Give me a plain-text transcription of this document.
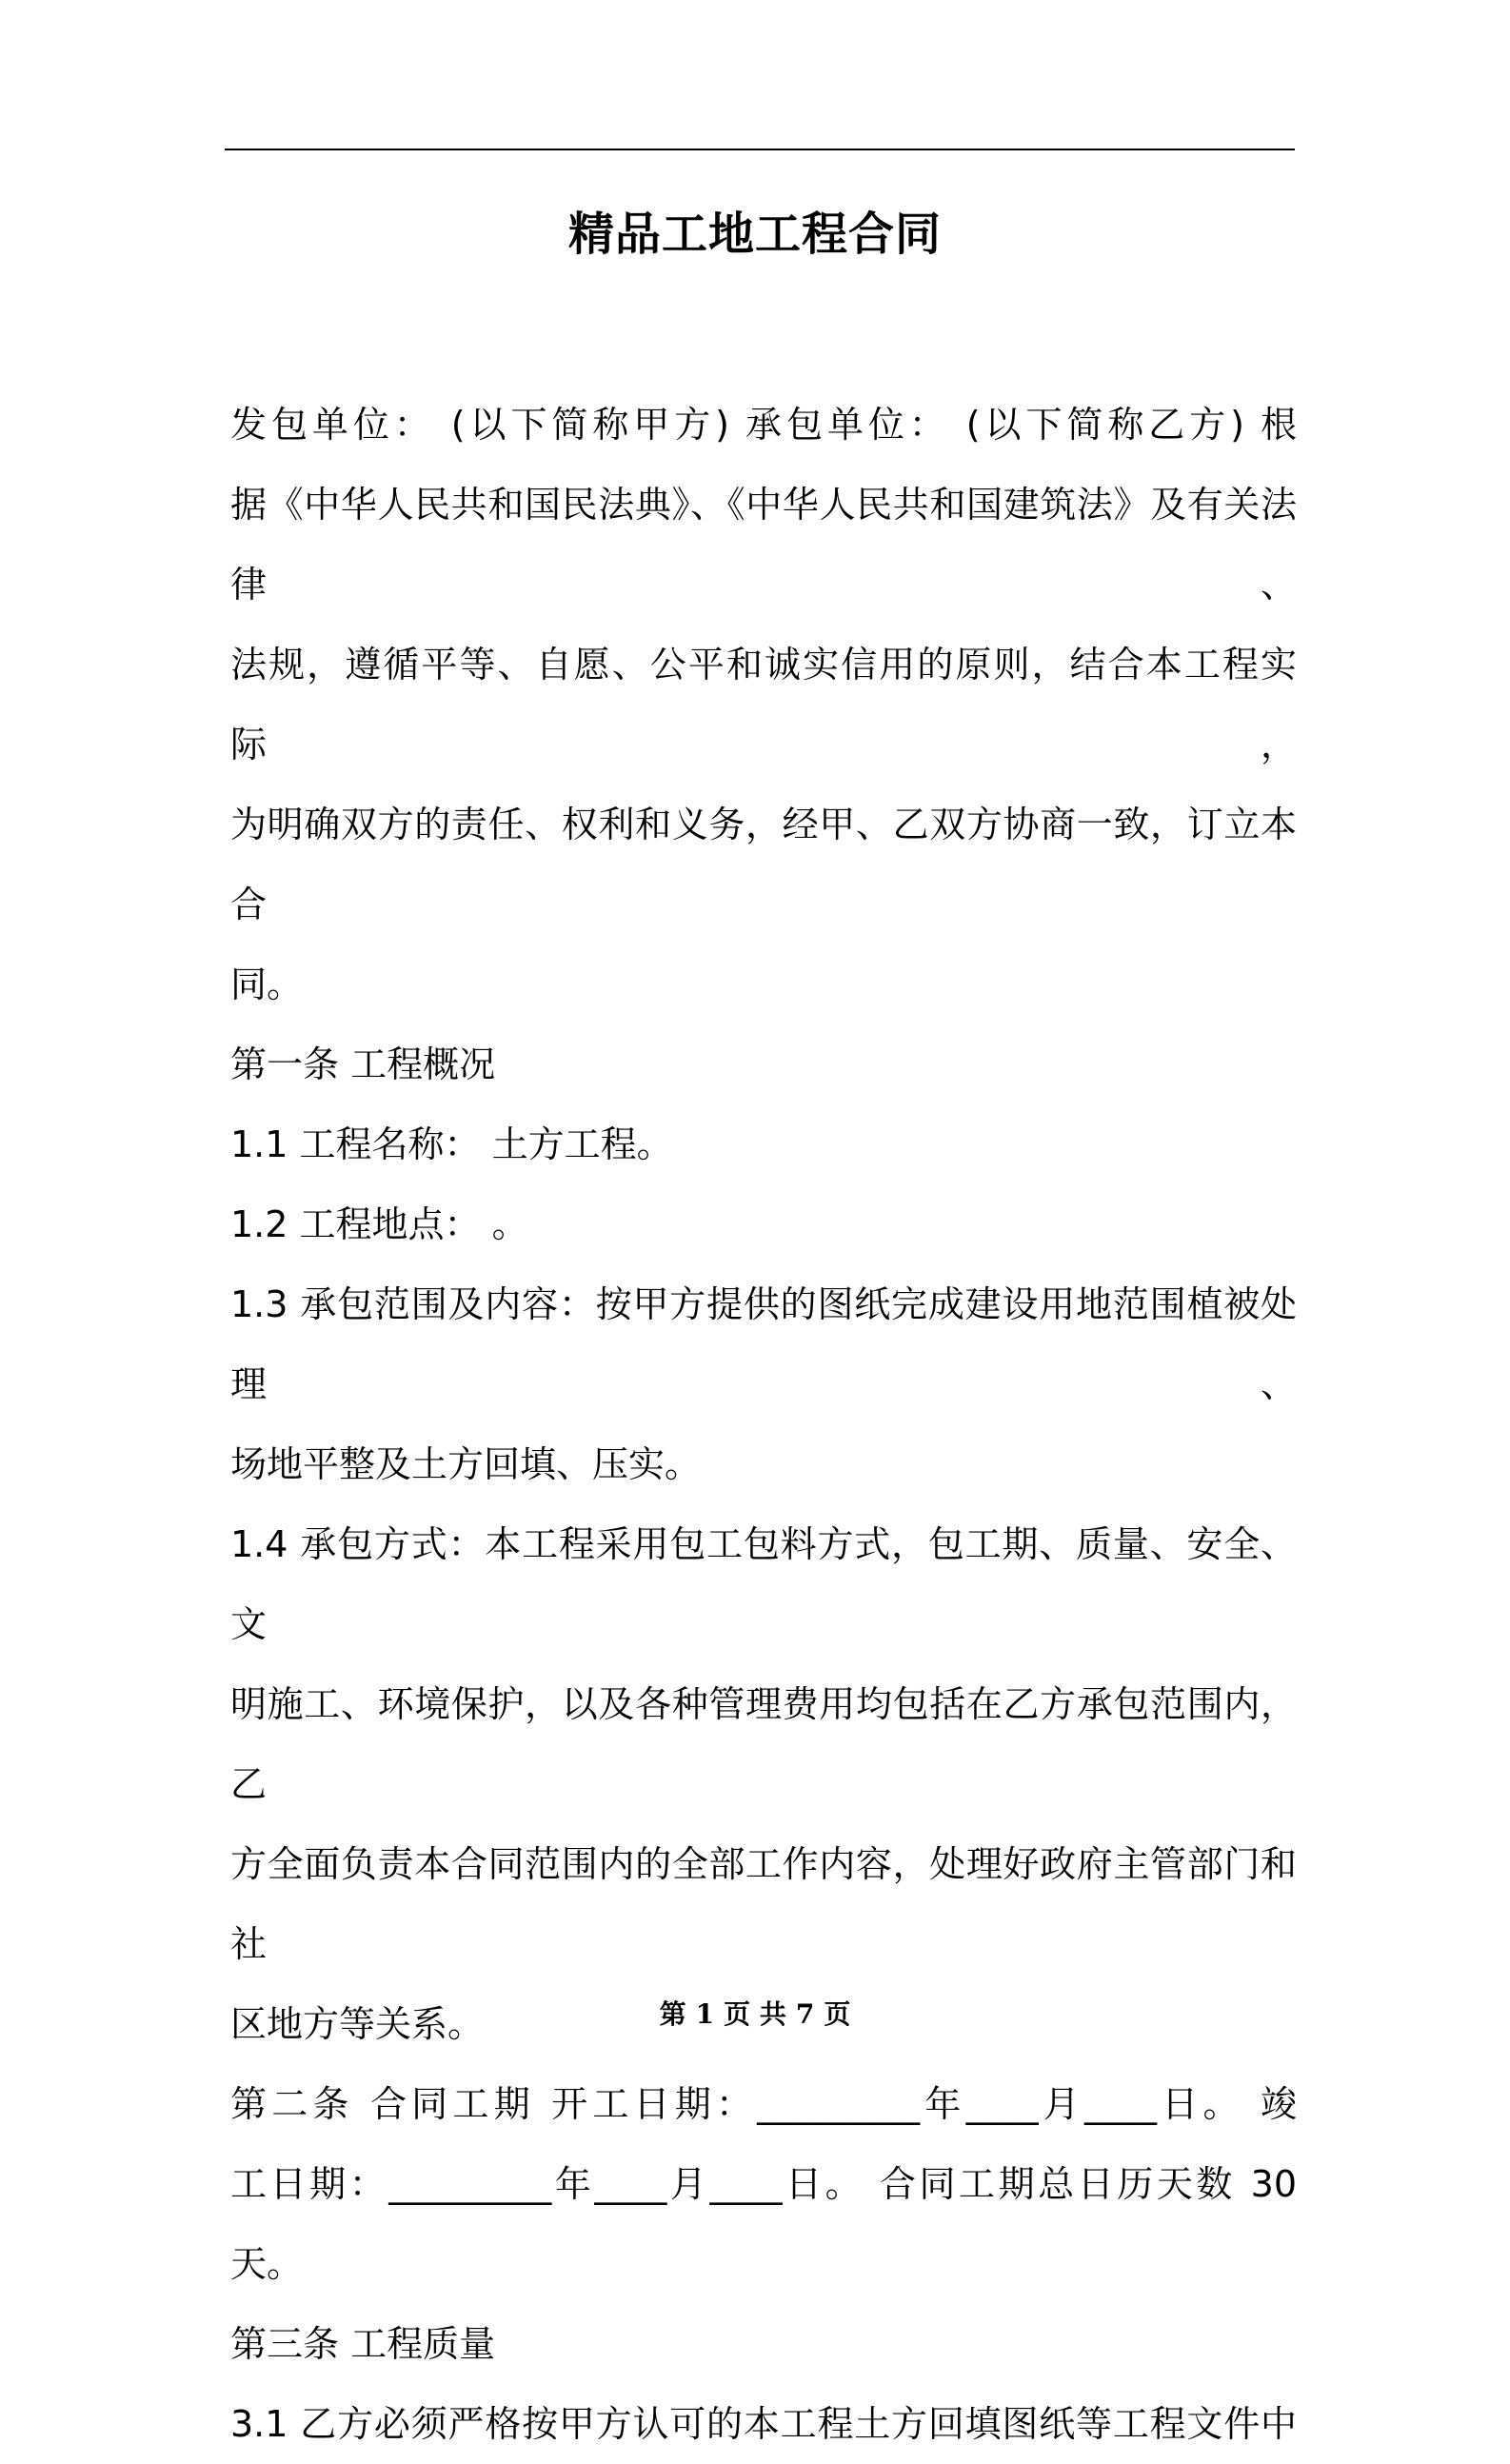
精品工地工程合同
发包单位： (以下简称甲方) 承包单位： (以下简称乙方) 根
据《中华人民共和国民法典》、《中华人民共和国建筑法》及有关法律、
法规，遵循平等、自愿、公平和诚实信用的原则，结合本工程实际，
为明确双方的责任、权利和义务，经甲、乙双方协商一致，订立本合
同。
第一条 工程概况
1.1 工程名称： 土方工程。
1.2 工程地点： 。
1.3 承包范围及内容：按甲方提供的图纸完成建设用地范围植被处理、
场地平整及土方回填、压实。
1.4 承包方式：本工程采用包工包料方式，包工期、质量、安全、文
明施工、环境保护，以及各种管理费用均包括在乙方承包范围内，乙
方全面负责本合同范围内的全部工作内容，处理好政府主管部门和社
区地方等关系。
第二条 合同工期 开工日期：_________年____月____日。 竣
工日期：_________年____月____日。 合同工期总日历天数 30
天。
第三条 工程质量
3.1 乙方必须严格按甲方认可的本工程土方回填图纸等工程文件中
第 1 页 共 7 页
